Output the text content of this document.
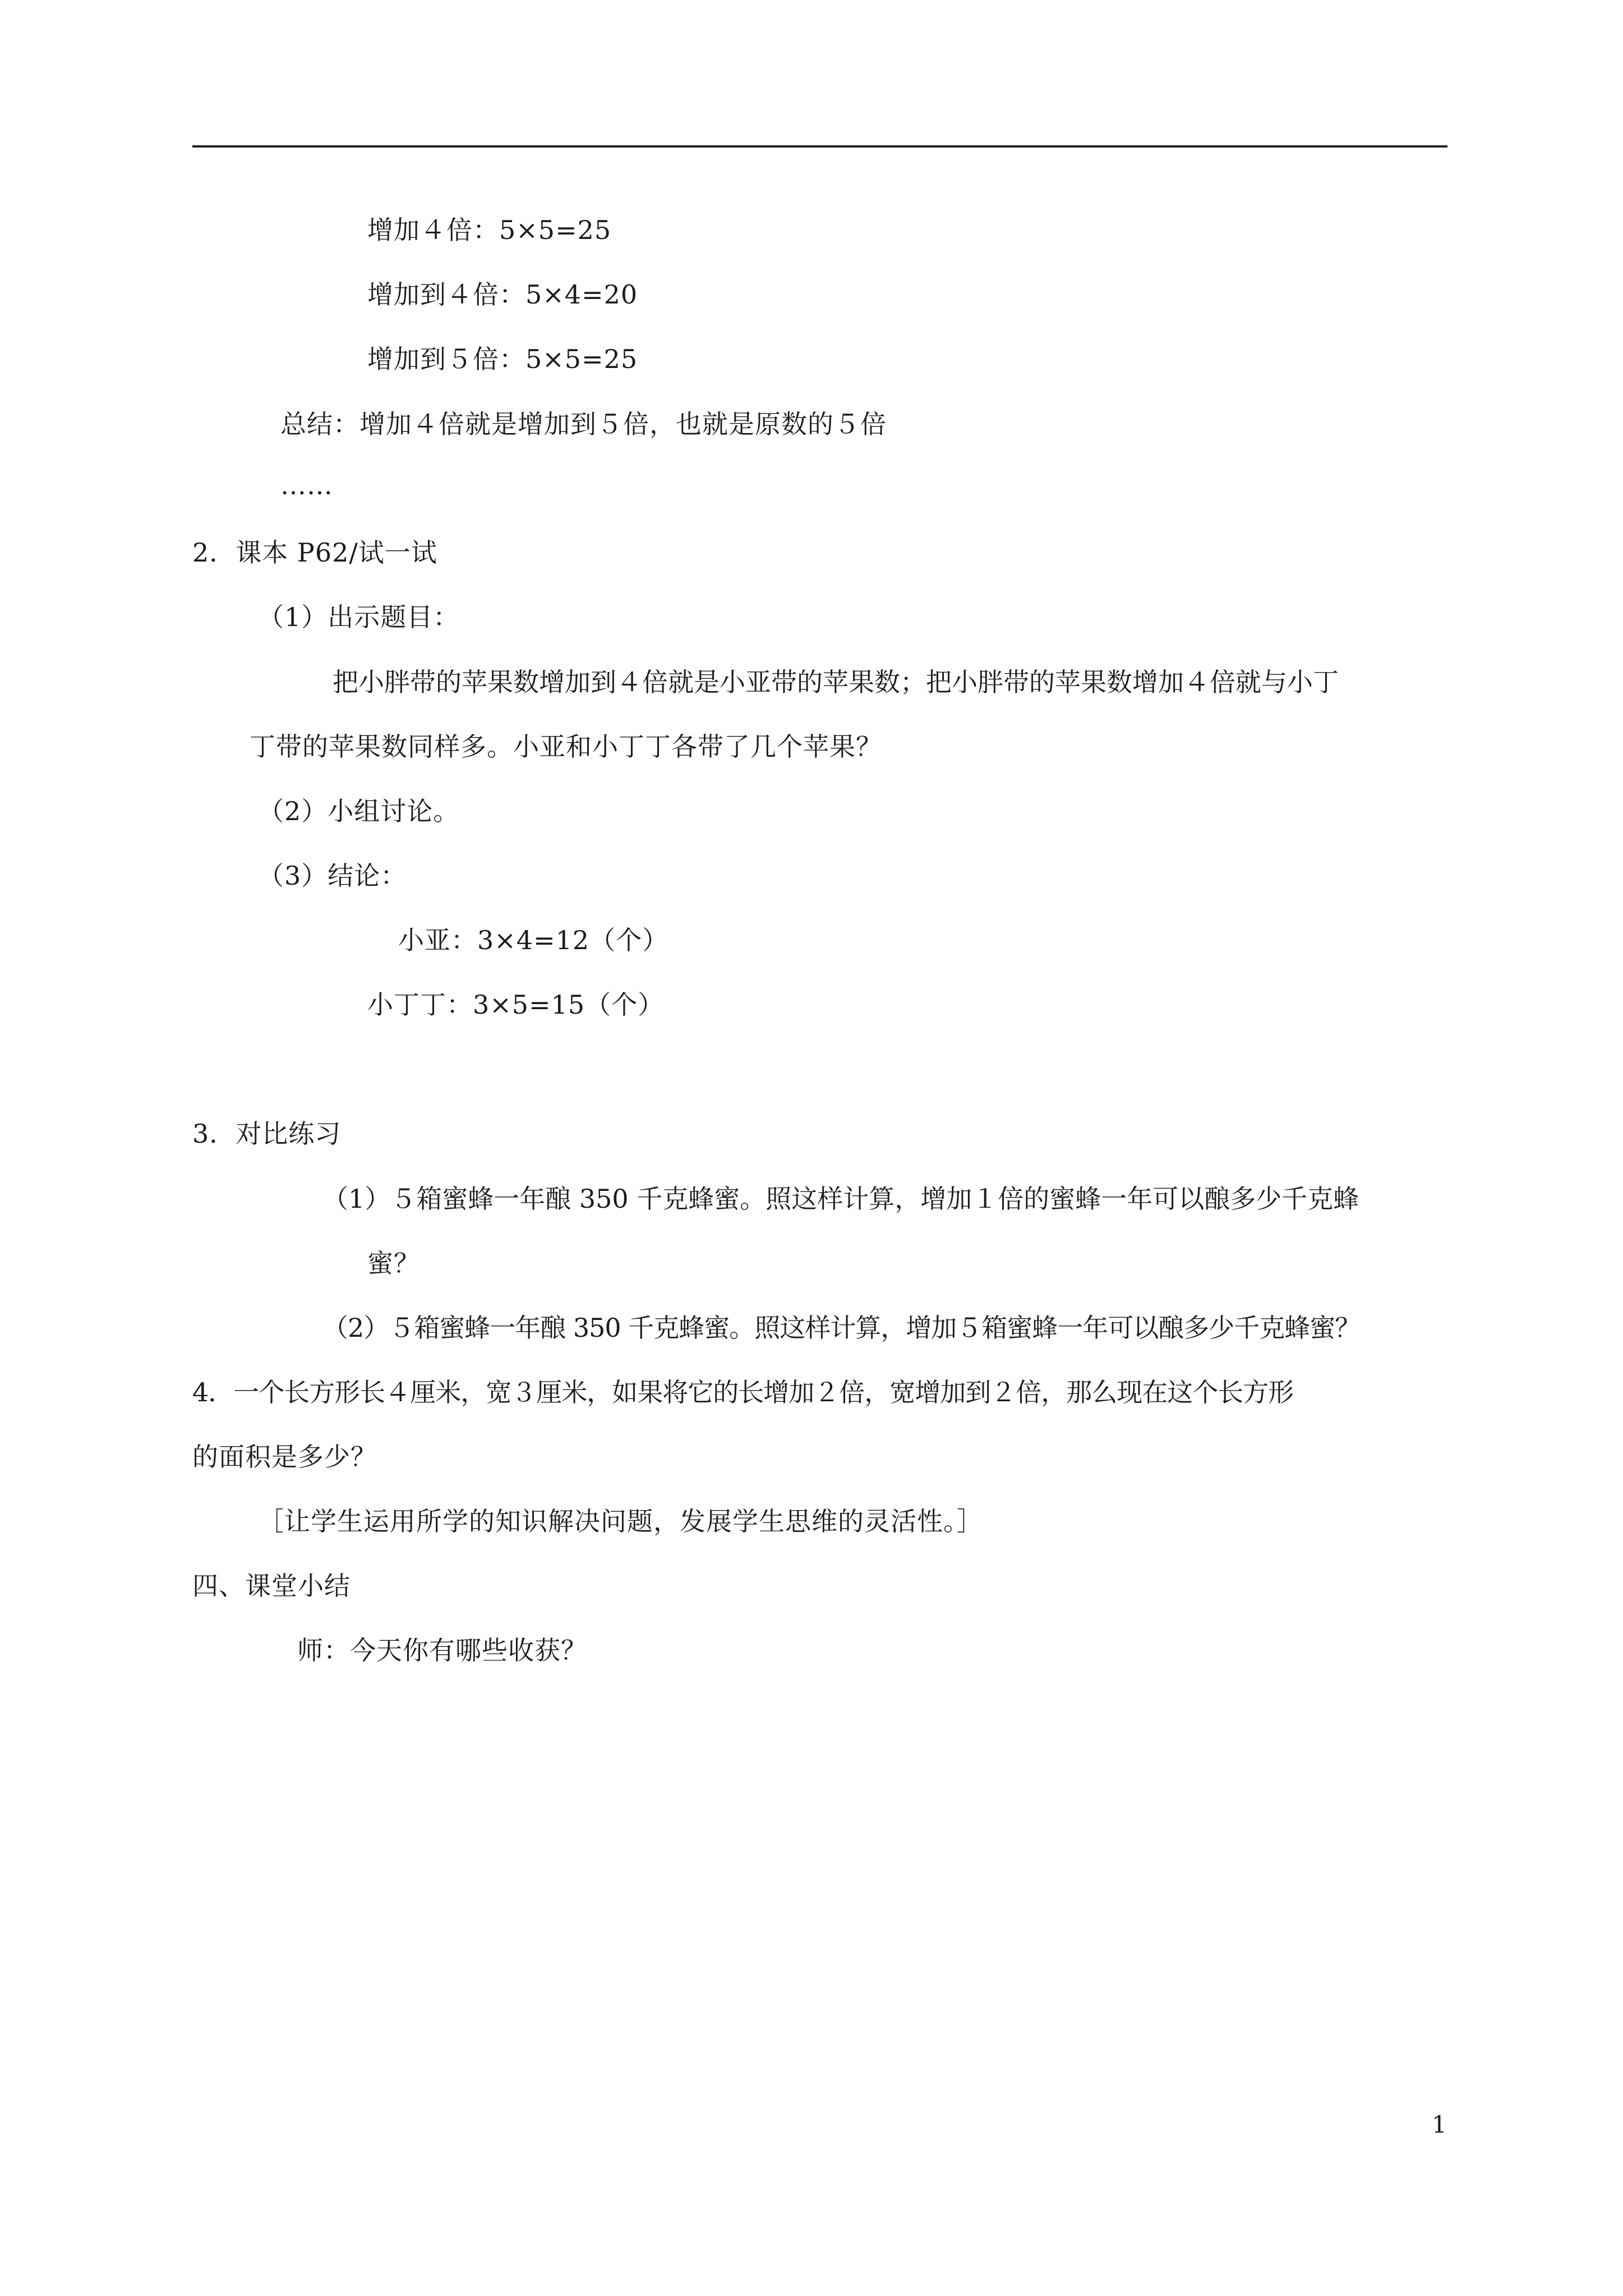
增加４倍：5×5=25
增加到４倍：5×4=20
增加到５倍：5×5=25
总结：增加４倍就是增加到５倍，也就是原数的５倍
……
2．课本 P62/试一试
（1）出示题目：
把小胖带的苹果数增加到４倍就是小亚带的苹果数；把小胖带的苹果数增加４倍就与小丁
丁带的苹果数同样多。小亚和小丁丁各带了几个苹果？
（2）小组讨论。
（3）结论：
小亚：3×4=12（个）
小丁丁：3×5=15（个）
3．对比练习
（1）５箱蜜蜂一年酿 350 千克蜂蜜。照这样计算，增加１倍的蜜蜂一年可以酿多少千克蜂
蜜？
（2）５箱蜜蜂一年酿 350 千克蜂蜜。照这样计算，增加５箱蜜蜂一年可以酿多少千克蜂蜜？
4．一个长方形长４厘米，宽３厘米，如果将它的长增加２倍，宽增加到２倍，那么现在这个长方形
的面积是多少？
［让学生运用所学的知识解决问题，发展学生思维的灵活性。］
四、课堂小结
师：今天你有哪些收获？
1
